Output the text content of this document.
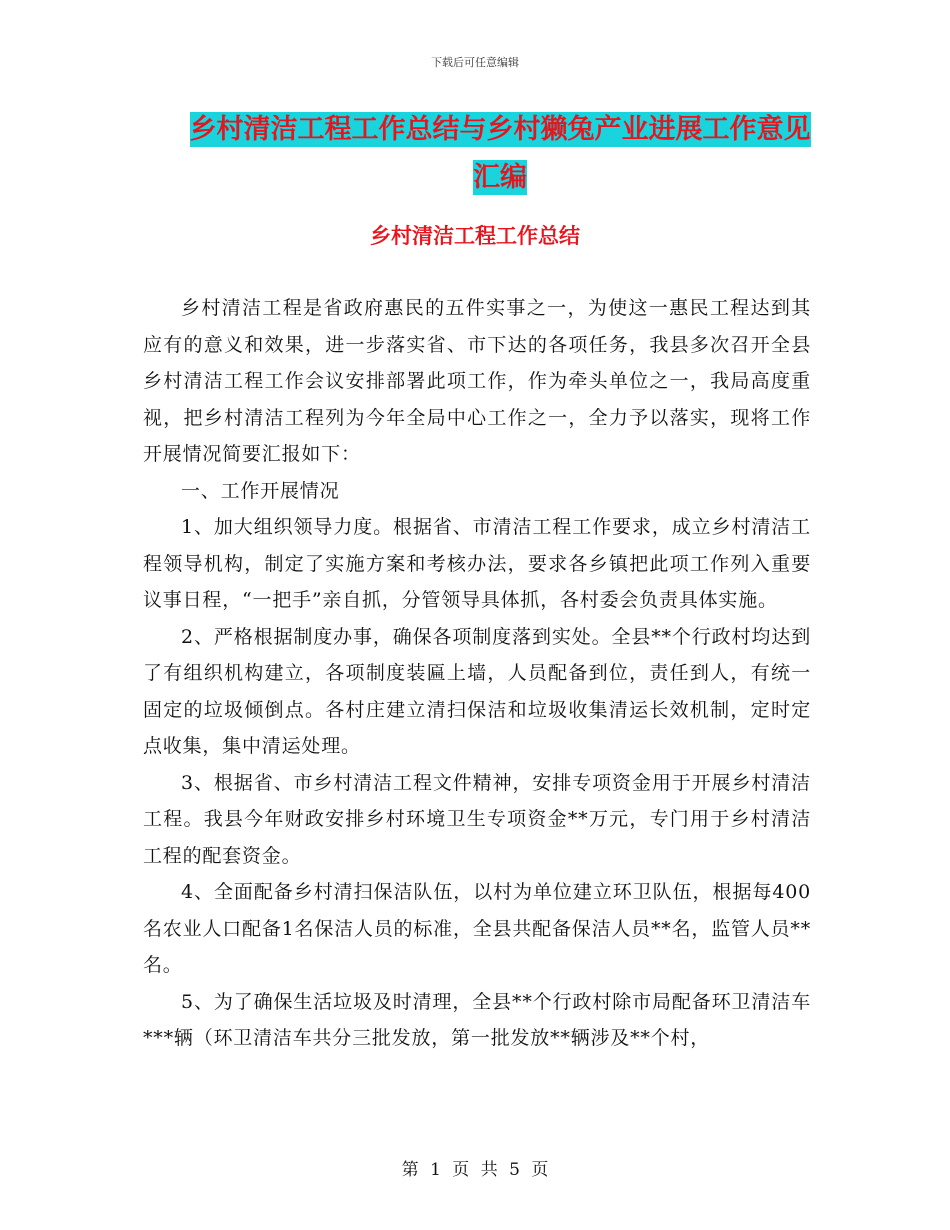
下载后可任意编辑
乡村清洁工程工作总结与乡村獭兔产业进展工作意见
汇编
乡村清洁工程工作总结

乡村清洁工程是省政府惠民的五件实事之一，为使这一惠民工程达到其应有的意义和效果，进一步落实省、市下达的各项任务，我县多次召开全县乡村清洁工程工作会议安排部署此项工作，作为牵头单位之一，我局高度重视，把乡村清洁工程列为今年全局中心工作之一，全力予以落实，现将工作开展情况简要汇报如下：

一、工作开展情况

1、加大组织领导力度。根据省、市清洁工程工作要求，成立乡村清洁工程领导机构，制定了实施方案和考核办法，要求各乡镇把此项工作列入重要议事日程，“一把手”亲自抓，分管领导具体抓，各村委会负责具体实施。

2、严格根据制度办事，确保各项制度落到实处。全县**个行政村均达到了有组织机构建立，各项制度装匾上墙，人员配备到位，责任到人，有统一固定的垃圾倾倒点。各村庄建立清扫保洁和垃圾收集清运长效机制，定时定点收集，集中清运处理。

3、根据省、市乡村清洁工程文件精神，安排专项资金用于开展乡村清洁工程。我县今年财政安排乡村环境卫生专项资金**万元，专门用于乡村清洁工程的配套资金。

4、全面配备乡村清扫保洁队伍，以村为单位建立环卫队伍，根据每400名农业人口配备1名保洁人员的标准，全县共配备保洁人员**名，监管人员**名。

5、为了确保生活垃圾及时清理，全县**个行政村除市局配备环卫清洁车***辆（环卫清洁车共分三批发放，第一批发放**辆涉及**个村，

第 1 页 共 5 页
